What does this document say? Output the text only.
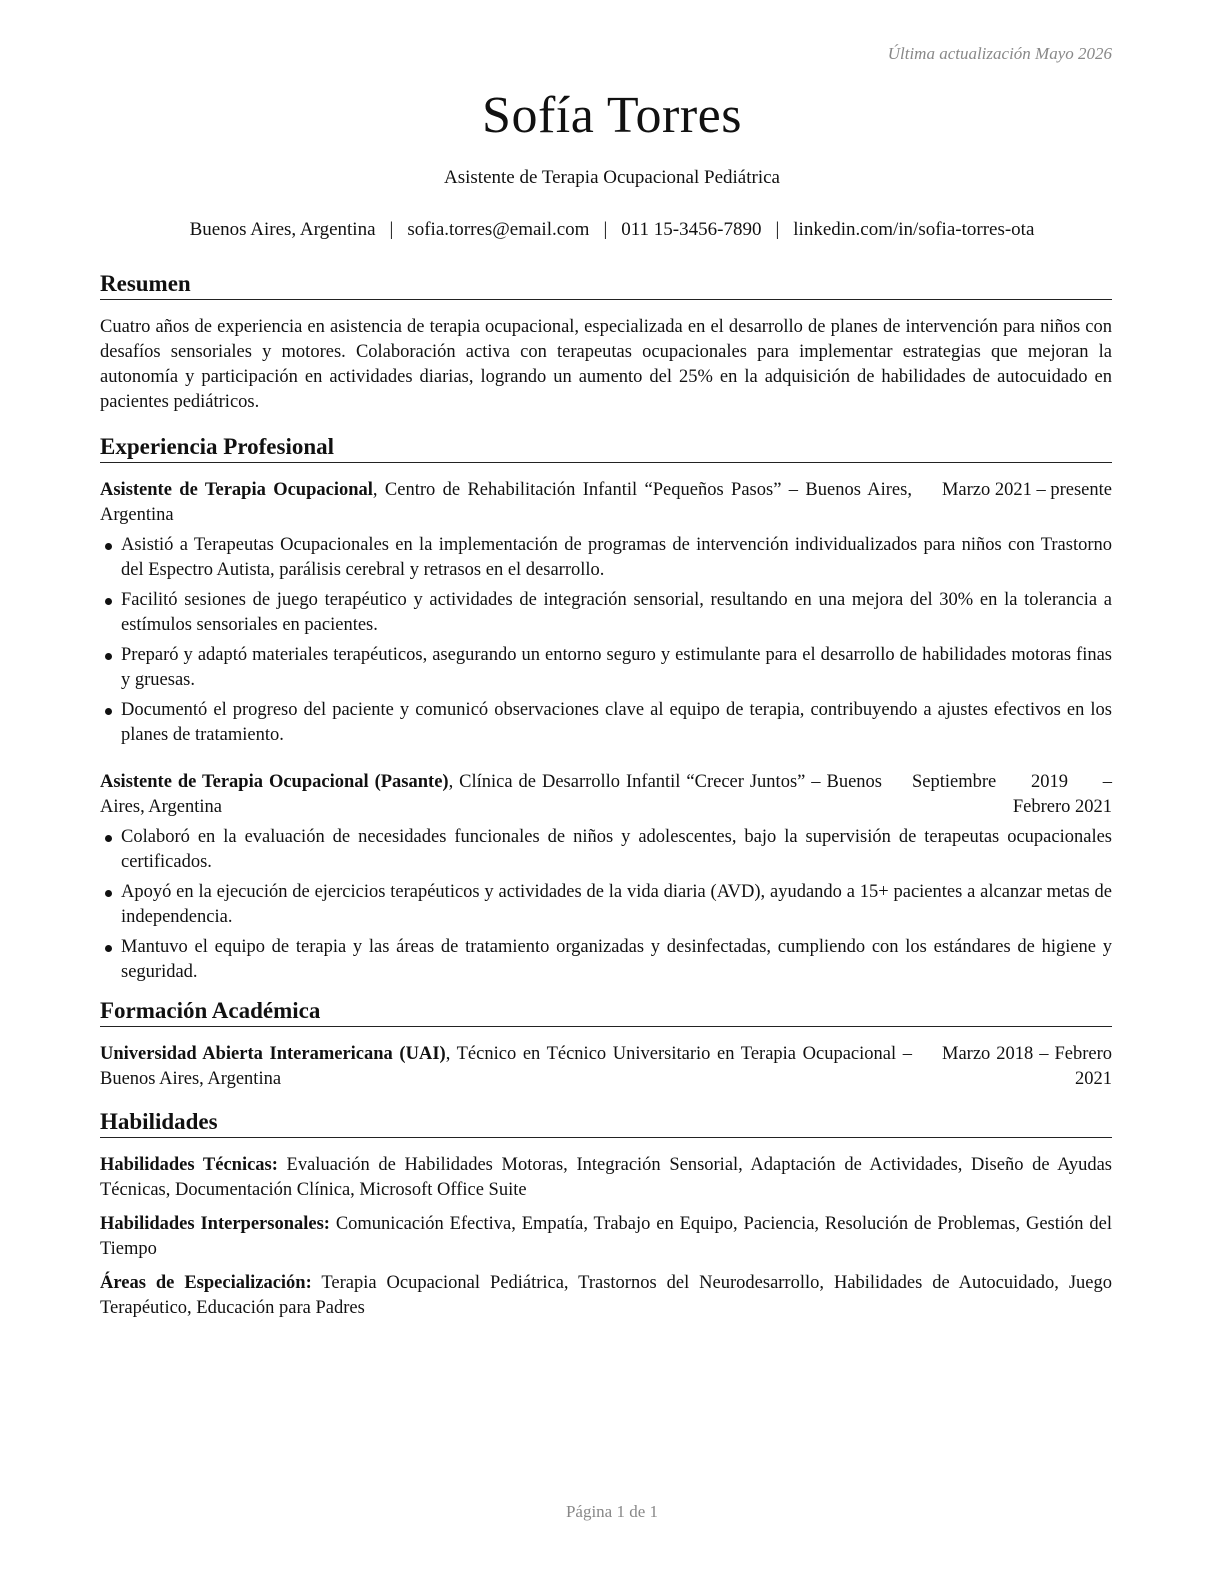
Última actualización Mayo 2026
Sofía Torres
Asistente de Terapia Ocupacional Pediátrica
Buenos Aires, Argentina | sofia.torres@email.com | 011 15-3456-7890 | linkedin.com/in/sofia-torres-ota
Resumen
Cuatro años de experiencia en asistencia de terapia ocupacional, especializada en el desarrollo de planes de intervención para niños con desafíos sensoriales y motores. Colaboración activa con terapeutas ocupacionales para implementar estrategias que mejoran la autonomía y participación en actividades diarias, logrando un aumento del 25% en la adquisición de habilidades de autocuidado en pacientes pediátricos.
Experiencia Profesional
Asistente de Terapia Ocupacional, Centro de Rehabilitación Infantil “Pequeños Pasos” – Buenos Aires, Argentina
Marzo 2021 – presente
Asistió a Terapeutas Ocupacionales en la implementación de programas de intervención individualizados para niños con Trastorno del Espectro Autista, parálisis cerebral y retrasos en el desarrollo.
Facilitó sesiones de juego terapéutico y actividades de integración sensorial, resultando en una mejora del 30% en la tolerancia a estímulos sensoriales en pacientes.
Preparó y adaptó materiales terapéuticos, asegurando un entorno seguro y estimulante para el desarrollo de habilidades motoras finas y gruesas.
Documentó el progreso del paciente y comunicó observaciones clave al equipo de terapia, contribuyendo a ajustes efectivos en los planes de tratamiento.
Asistente de Terapia Ocupacional (Pasante), Clínica de Desarrollo Infantil “Crecer Juntos” – Buenos Aires, Argentina
Septiembre 2019 – Febrero 2021
Colaboró en la evaluación de necesidades funcionales de niños y adolescentes, bajo la supervisión de terapeutas ocupacionales certificados.
Apoyó en la ejecución de ejercicios terapéuticos y actividades de la vida diaria (AVD), ayudando a 15+ pacientes a alcanzar metas de independencia.
Mantuvo el equipo de terapia y las áreas de tratamiento organizadas y desinfectadas, cumpliendo con los estándares de higiene y seguridad.
Formación Académica
Universidad Abierta Interamericana (UAI), Técnico en Técnico Universitario en Terapia Ocupacional – Buenos Aires, Argentina
Marzo 2018 – Febrero 2021
Habilidades
Habilidades Técnicas: Evaluación de Habilidades Motoras, Integración Sensorial, Adaptación de Actividades, Diseño de Ayudas Técnicas, Documentación Clínica, Microsoft Office Suite
Habilidades Interpersonales: Comunicación Efectiva, Empatía, Trabajo en Equipo, Paciencia, Resolución de Problemas, Gestión del Tiempo
Áreas de Especialización: Terapia Ocupacional Pediátrica, Trastornos del Neurodesarrollo, Habilidades de Autocuidado, Juego Terapéutico, Educación para Padres
Página 1 de 1
